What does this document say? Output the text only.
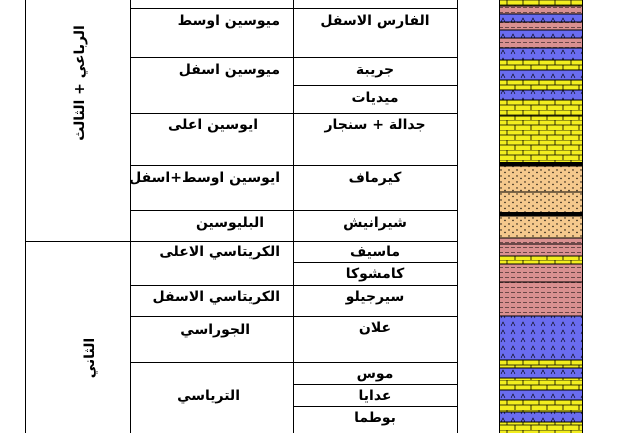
الرباعي + الثالث
الثاني
ميوسين اوسط
ميوسين اسفل
ايوسين اعلى
ايوسين اوسط+اسفل
البليوسين
الكريتاسي الاعلى
الكريتاسي الاسفل
الجوراسي
الترياسي
الفارس الاسفل
جريبة
ميديات
جدالة + سنجار
كيرماف
شيرانيش
ماسيف
كامشوكا
سيرجيلو
علان
موس
عدايا
بوطما
